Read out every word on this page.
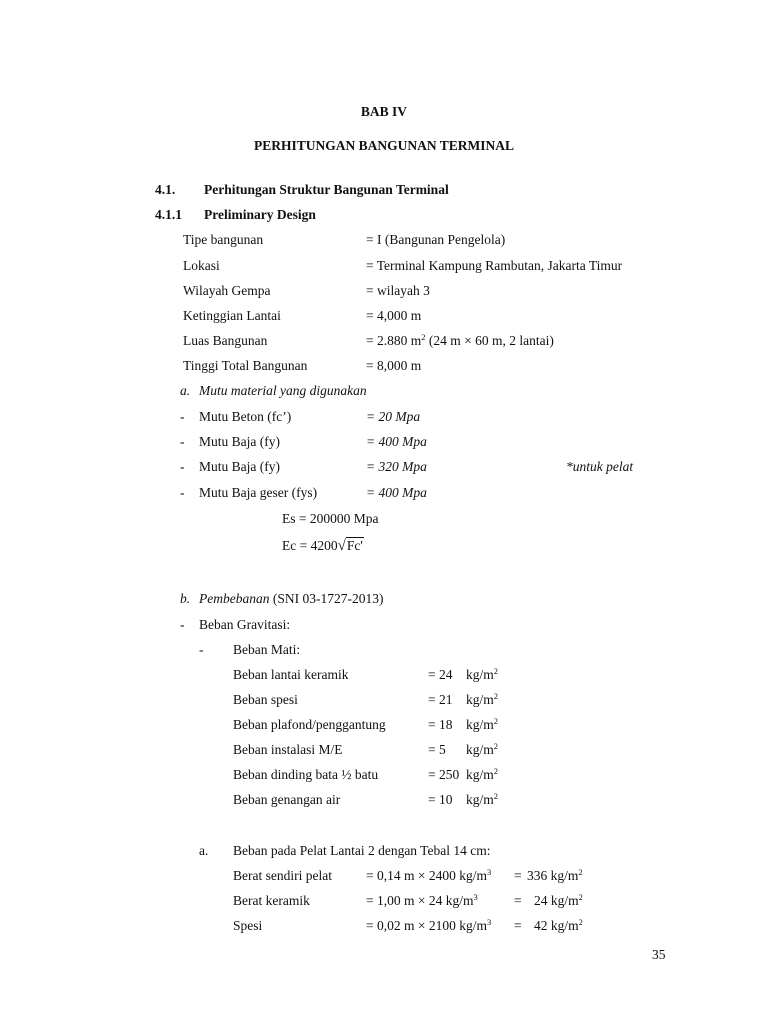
BAB IV
PERHITUNGAN BANGUNAN TERMINAL
4.1. Perhitungan Struktur Bangunan Terminal
4.1.1 Preliminary Design
Tipe bangunan	= I (Bangunan Pengelola)
Lokasi	= Terminal Kampung Rambutan, Jakarta Timur
Wilayah Gempa	= wilayah 3
Ketinggian Lantai	= 4,000 m
Luas Bangunan	= 2.880 $m^2$ (24 m × 60 m, 2 lantai)
Tinggi Total Bangunan	= 8,000 m
a. Mutu material yang digunakan
- Mutu Beton (fc’)	= 20 Mpa
- Mutu Baja (fy)	= 400 Mpa
- Mutu Baja (fy)	= 320 Mpa	*untuk pelat
- Mutu Baja geser (fys)	= 400 Mpa
Es = 200000 Mpa
Ec = 4200√Fc'
b. Pembebanan (SNI 03-1727-2013)
- Beban Gravitasi:
- Beban Mati:
Beban lantai keramik	= 24 $kg/m^2$
Beban spesi	= 21 $kg/m^2$
Beban plafond/penggantung	= 18 $kg/m^2$
Beban instalasi M/E	= 5 $kg/m^2$
Beban dinding bata ½ batu	= 250 $kg/m^2$
Beban genangan air	= 10 $kg/m^2$
a. Beban pada Pelat Lantai 2 dengan Tebal 14 cm:
Berat sendiri pelat	= 0,14 m × 2400 $kg/m^3 = 336$ $kg/m^2$
Berat keramik	= 1,00 m × 24 $kg/m^3$	= 24 $kg/m^2$
Spesi	= 0,02 m × 2100 $kg/m^3 = 42$ $kg/m^2$
35
